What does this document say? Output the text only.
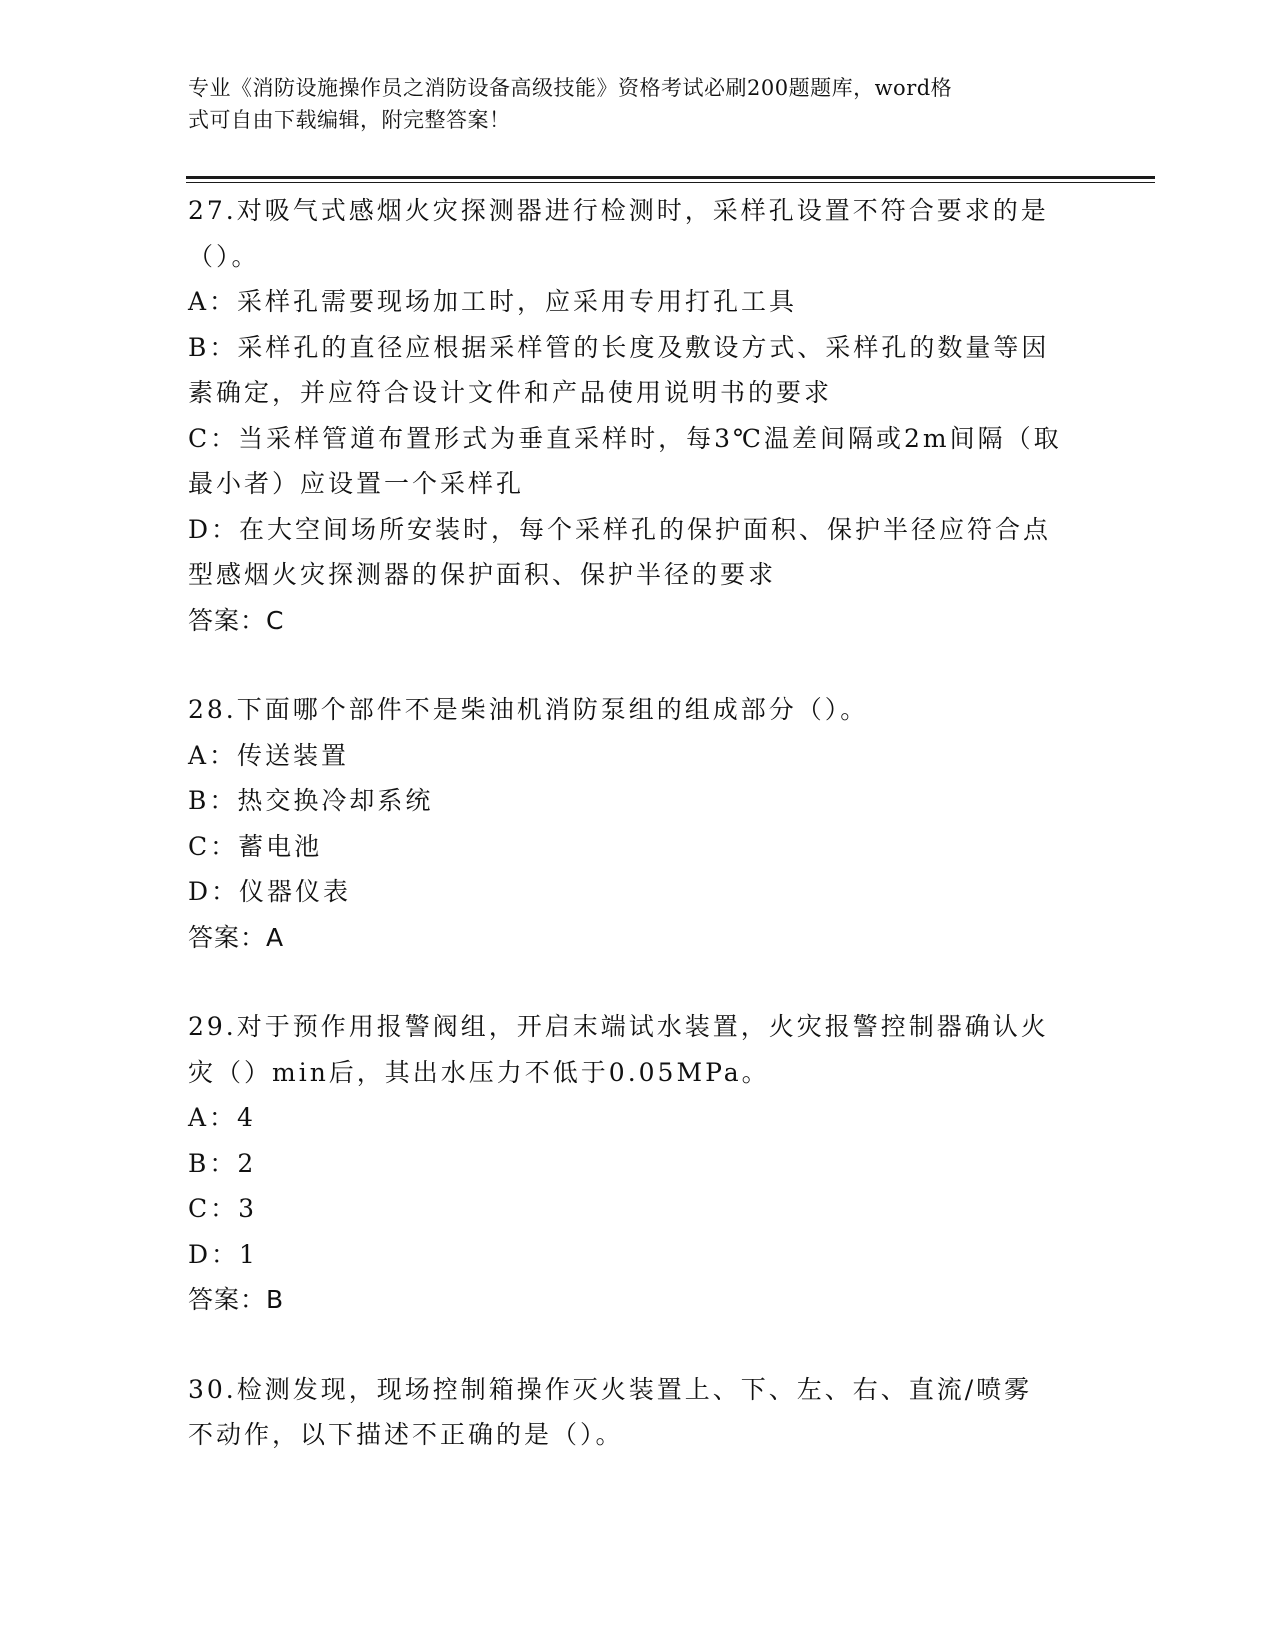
专业《消防设施操作员之消防设备高级技能》资格考试必刷200题题库，word格
式可自由下载编辑，附完整答案！
27.对吸气式感烟火灾探测器进行检测时，采样孔设置不符合要求的是
（）。
A：采样孔需要现场加工时，应采用专用打孔工具
B：采样孔的直径应根据采样管的长度及敷设方式、采样孔的数量等因
素确定，并应符合设计文件和产品使用说明书的要求
C：当采样管道布置形式为垂直采样时，每3℃温差间隔或2m间隔（取
最小者）应设置一个采样孔
D：在大空间场所安装时，每个采样孔的保护面积、保护半径应符合点
型感烟火灾探测器的保护面积、保护半径的要求
答案：C
28.下面哪个部件不是柴油机消防泵组的组成部分（）。
A：传送装置
B：热交换冷却系统
C：蓄电池
D：仪器仪表
答案：A
29.对于预作用报警阀组，开启末端试水装置，火灾报警控制器确认火
灾（）min后，其出水压力不低于0.05MPa。
A：4
B：2
C：3
D：1
答案：B
30.检测发现，现场控制箱操作灭火装置上、下、左、右、直流/喷雾
不动作，以下描述不正确的是（）。
